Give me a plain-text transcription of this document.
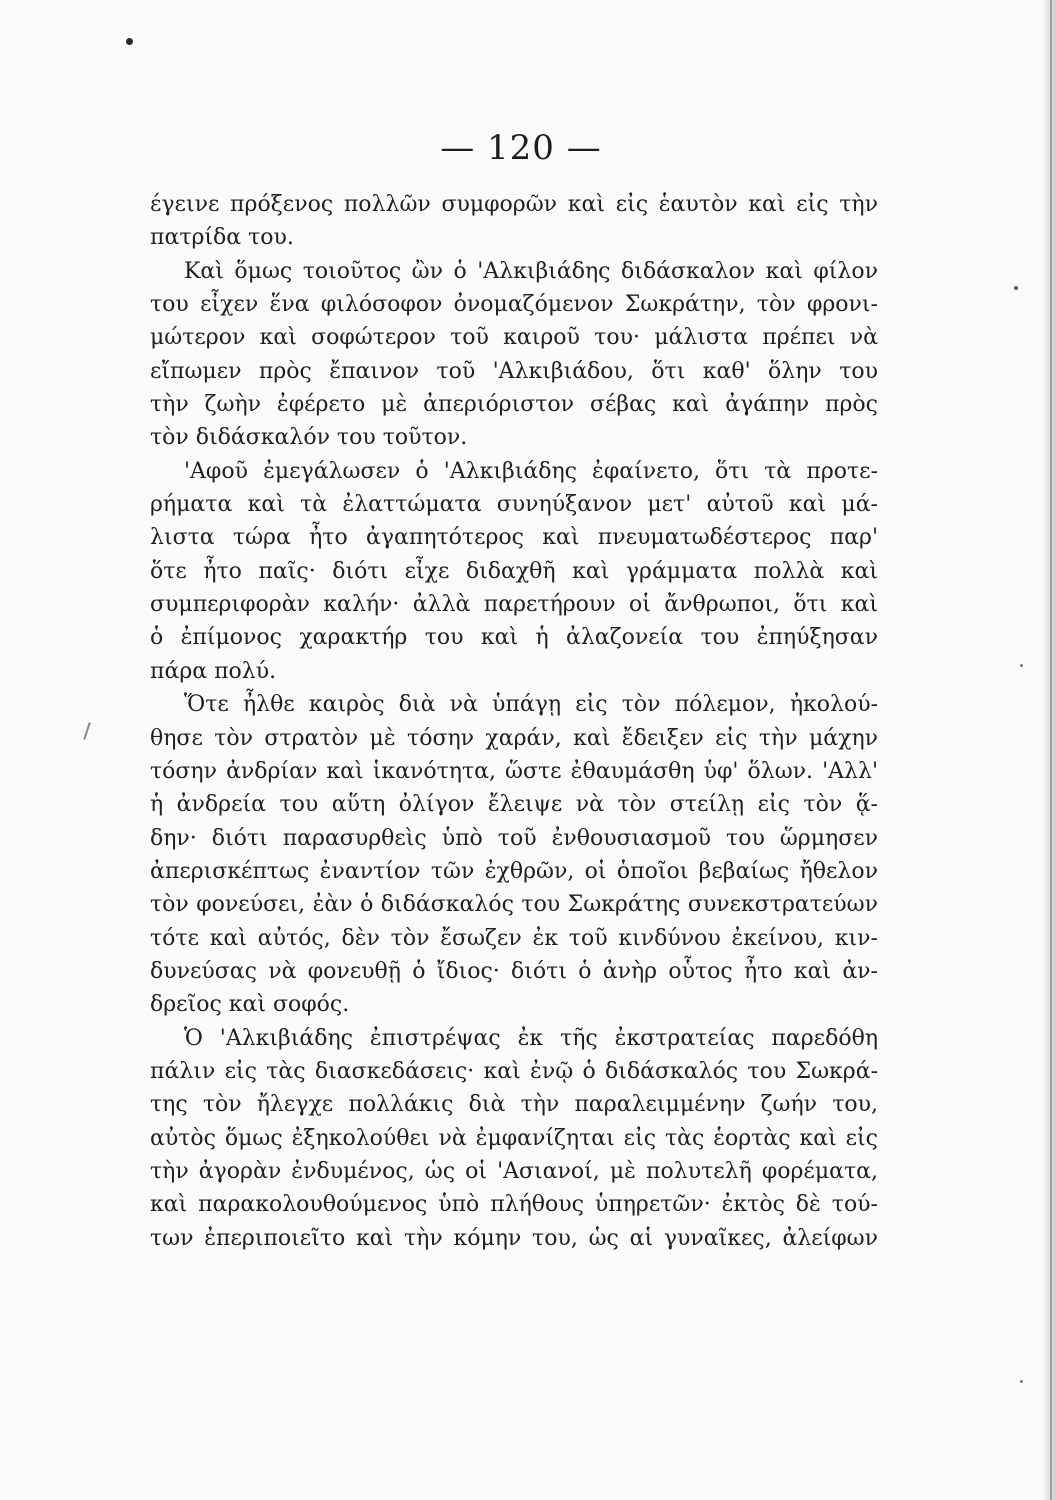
— 120 —
έγεινε πρόξενος πολλῶν συμφορῶν καὶ εἰς ἑαυτὸν καὶ εἰς τὴν
πατρίδα του.
Καὶ ὅμως τοιοῦτος ὢν ὁ 'Αλκιβιάδης διδάσκαλον καὶ φίλον
του εἶχεν ἕνα φιλόσοφον ὀνομαζόμενον Σωκράτην, τὸν φρονι-
μώτερον καὶ σοφώτερον τοῦ καιροῦ του· μάλιστα πρέπει νὰ
εἴπωμεν πρὸς ἔπαινον τοῦ 'Αλκιβιάδου, ὅτι καθ' ὅλην του
τὴν ζωὴν ἐφέρετο μὲ ἀπεριόριστον σέβας καὶ ἀγάπην πρὸς
τὸν διδάσκαλόν του τοῦτον.
'Αφοῦ ἐμεγάλωσεν ὁ 'Αλκιβιάδης ἐφαίνετο, ὅτι τὰ προτε-
ρήματα καὶ τὰ ἐλαττώματα συνηύξανον μετ' αὐτοῦ καὶ μά-
λιστα τώρα ἦτο ἀγαπητότερος καὶ πνευματωδέστερος παρ'
ὅτε ἦτο παῖς· διότι εἶχε διδαχθῆ καὶ γράμματα πολλὰ καὶ
συμπεριφορὰν καλήν· ἀλλὰ παρετήρουν οἱ ἄνθρωποι, ὅτι καὶ
ὁ ἐπίμονος χαρακτήρ του καὶ ἡ ἀλαζονεία του ἐπηύξησαν
πάρα πολύ.
Ὅτε ἦλθε καιρὸς διὰ νὰ ὑπάγῃ εἰς τὸν πόλεμον, ἠκολού-
θησε τὸν στρατὸν μὲ τόσην χαράν, καὶ ἔδειξεν εἰς τὴν μάχην
τόσην ἀνδρίαν καὶ ἱκανότητα, ὥστε ἐθαυμάσθη ὑφ' ὅλων. 'Αλλ'
ἡ ἀνδρεία του αὕτη ὀλίγον ἔλειψε νὰ τὸν στείλῃ εἰς τὸν ᾅ-
δην· διότι παρασυρθεὶς ὑπὸ τοῦ ἐνθουσιασμοῦ του ὥρμησεν
ἀπερισκέπτως ἐναντίον τῶν ἐχθρῶν, οἱ ὁποῖοι βεβαίως ἤθελον
τὸν φονεύσει, ἐὰν ὁ διδάσκαλός του Σωκράτης συνεκστρατεύων
τότε καὶ αὐτός, δὲν τὸν ἔσωζεν ἐκ τοῦ κινδύνου ἐκείνου, κιν-
δυνεύσας νὰ φονευθῇ ὁ ἴδιος· διότι ὁ ἀνὴρ οὗτος ἦτο καὶ ἀν-
δρεῖος καὶ σοφός.
Ὁ 'Αλκιβιάδης ἐπιστρέψας ἐκ τῆς ἐκστρατείας παρεδόθη
πάλιν εἰς τὰς διασκεδάσεις· καὶ ἐνῷ ὁ διδάσκαλός του Σωκρά-
της τὸν ἤλεγχε πολλάκις διὰ τὴν παραλειμμένην ζωήν του,
αὐτὸς ὅμως ἐξηκολούθει νὰ ἐμφανίζηται εἰς τὰς ἑορτὰς καὶ εἰς
τὴν ἀγορὰν ἐνδυμένος, ὡς οἱ 'Ασιανοί, μὲ πολυτελῆ φορέματα,
καὶ παρακολουθούμενος ὑπὸ πλήθους ὑπηρετῶν· ἐκτὸς δὲ τού-
των ἐπεριποιεῖτο καὶ τὴν κόμην του, ὡς αἱ γυναῖκες, ἀλείφων
